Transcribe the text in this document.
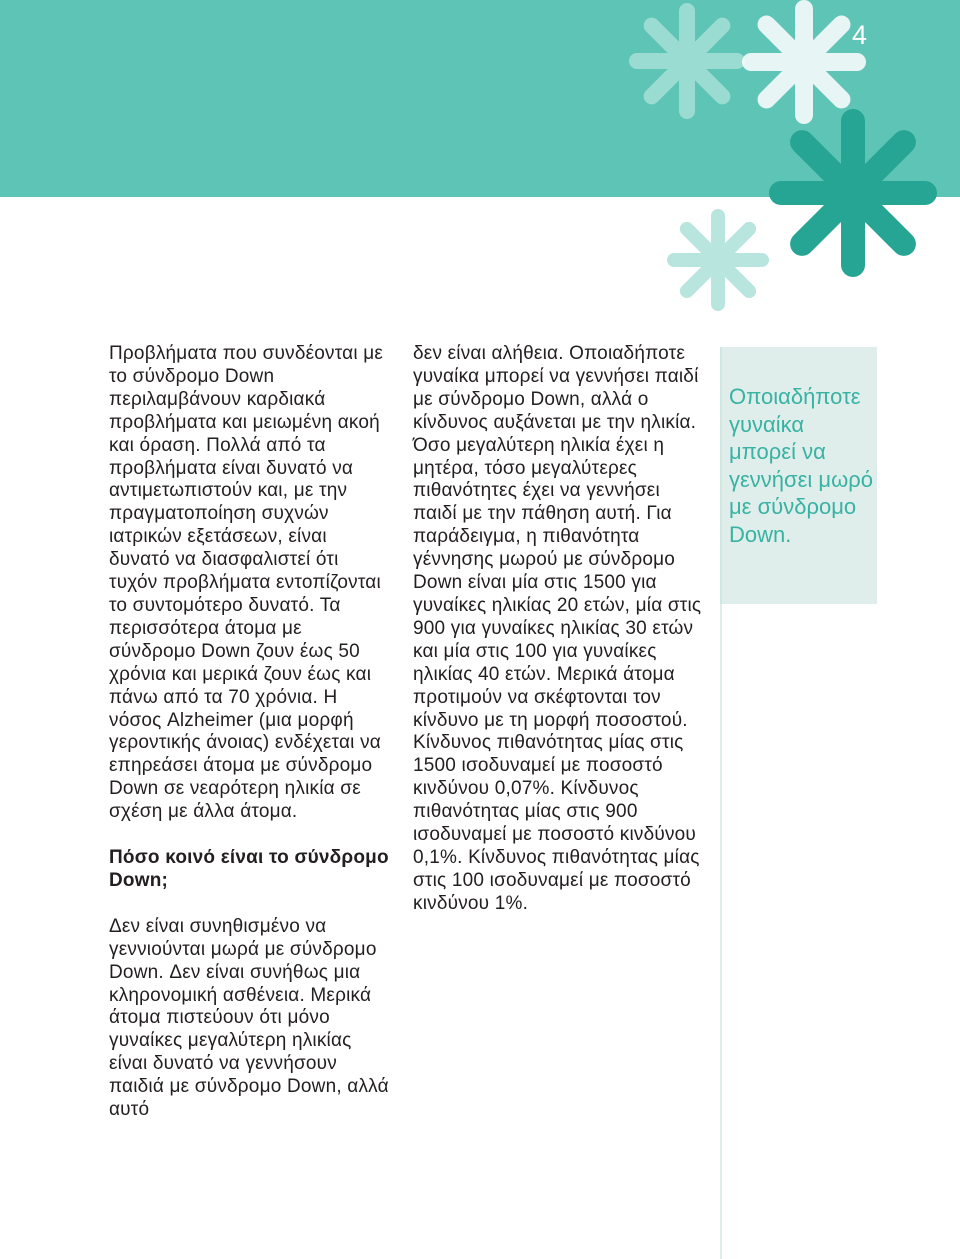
4

Προβλήματα που συνδέονται με το σύνδρομο Down περιλαμβάνουν καρδιακά προβλήματα και μειωμένη ακοή και όραση. Πολλά από τα προβλήματα είναι δυνατό να αντιμετωπιστούν και, με την πραγματοποίηση συχνών ιατρικών εξετάσεων, είναι δυνατό να διασφαλιστεί ότι τυχόν προβλήματα εντοπίζονται το συντομότερο δυνατό. Τα περισσότερα άτομα με σύνδρομο Down ζουν έως 50 χρόνια και μερικά ζουν έως και πάνω από τα 70 χρόνια. Η νόσος Alzheimer (μια μορφή γεροντικής άνοιας) ενδέχεται να επηρεάσει άτομα με σύνδρομο Down σε νεαρότερη ηλικία σε σχέση με άλλα άτομα.

Πόσο κοινό είναι το σύνδρομο Down;

Δεν είναι συνηθισμένο να γεννιούνται μωρά με σύνδρομο Down. Δεν είναι συνήθως μια κληρονομική ασθένεια. Μερικά άτομα πιστεύουν ότι μόνο γυναίκες μεγαλύτερη ηλικίας είναι δυνατό να γεννήσουν παιδιά με σύνδρομο Down, αλλά αυτό

δεν είναι αλήθεια. Οποιαδήποτε γυναίκα μπορεί να γεννήσει παιδί με σύνδρομο Down, αλλά ο κίνδυνος αυξάνεται με την ηλικία. Όσο μεγαλύτερη ηλικία έχει η μητέρα, τόσο μεγαλύτερες πιθανότητες έχει να γεννήσει παιδί με την πάθηση αυτή. Για παράδειγμα, η πιθανότητα γέννησης μωρού με σύνδρομο Down είναι μία στις 1500 για γυναίκες ηλικίας 20 ετών, μία στις 900 για γυναίκες ηλικίας 30 ετών και μία στις 100 για γυναίκες ηλικίας 40 ετών. Μερικά άτομα προτιμούν να σκέφτονται τον κίνδυνο με τη μορφή ποσοστού. Κίνδυνος πιθανότητας μίας στις 1500 ισοδυναμεί με ποσοστό κινδύνου 0,07%. Κίνδυνος πιθανότητας μίας στις 900 ισοδυναμεί με ποσοστό κινδύνου 0,1%. Κίνδυνος πιθανότητας μίας στις 100 ισοδυναμεί με ποσοστό κινδύνου 1%.

Οποιαδήποτε γυναίκα μπορεί να γεννήσει μωρό με σύνδρομο Down.
